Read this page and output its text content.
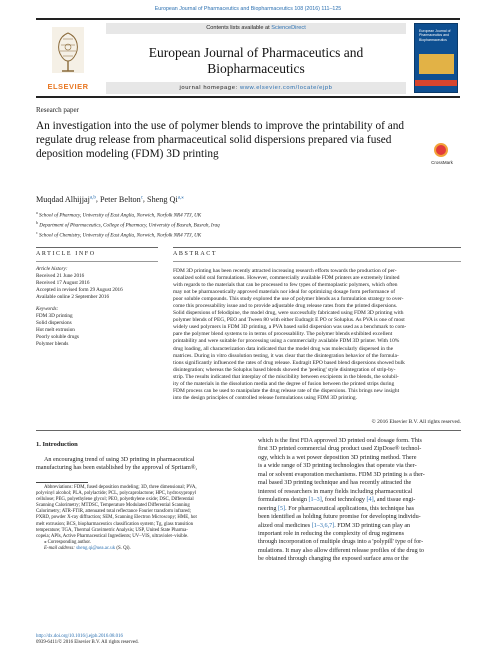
European Journal of Pharmaceutics and Biopharmaceutics 108 (2016) 111–125
ELSEVIER
Contents lists available at ScienceDirect
European Journal of Pharmaceutics and Biopharmaceutics
journal homepage: www.elsevier.com/locate/ejpb
European Journal of Pharmaceutics and Biopharmaceutics
Research paper
An investigation into the use of polymer blends to improve the printability of and regulate drug release from pharmaceutical solid dispersions prepared via fused deposition modeling (FDM) 3D printing
CrossMark
Muqdad Alhijjaj$^{a,b}$, Peter Belton$^c$, Sheng $Qi^{a,⁎}$
$^a$ School of Pharmacy, University of East Anglia, Norwich, Norfolk NR4 7TJ, UK
$^b$ Department of Pharmaceutics, College of Pharmacy, University of Basrah, Basrah, Iraq
$^c$ School of Chemistry, University of East Anglia, Norwich, Norfolk NR4 7TJ, UK
ARTICLE INFO	ABSTRACT
Article history:
Received 21 June 2016
Received 17 August 2016
Accepted in revised form 29 August 2016
Available online 2 September 2016
Keywords:
FDM 3D printing
Solid dispersions
Hot melt extrusion
Poorly soluble drugs
Polymer blends
FDM 3D printing has been recently attracted increasing research efforts towards the production of per-
sonalized solid oral formulations. However, commercially available FDM printers are extremely limited
with regards to the materials that can be processed to few types of thermoplastic polymers, which often
may not be pharmaceutically approved materials nor ideal for optimizing dosage form performance of
poor soluble compounds. This study explored the use of polymer blends as a formulation strategy to over-
come this processability issue and to provide adjustable drug release rates from the printed dispersions.
Solid dispersions of felodipine, the model drug, were successfully fabricated using FDM 3D printing with
polymer blends of PEG, PEO and Tween 80 with either Eudragit E PO or Soluplus. As PVA is one of most
widely used polymers in FDM 3D printing, a PVA based solid dispersion was used as a benchmark to com-
pare the polymer blend systems to in terms of processability. The polymer blends exhibited excellent
printability and were suitable for processing using a commercially available FDM 3D printer. With 10%
drug loading, all characterization data indicated that the model drug was molecularly dispersed in the
matrices. During in vitro dissolution testing, it was clear that the disintegration behavior of the formula-
tions significantly influenced the rates of drug release. Eudragit EPO based blend dispersions showed bulk
disintegration; whereas the Soluplus based blends showed the 'peeling' style disintegration of strip-by-
strip. The results indicated that interplay of the miscibility between excipients in the blends, the solubil-
ity of the materials in the dissolution media and the degree of fusion between the printed strips during
FDM process can be used to manipulate the drug release rate of the dispersions. This brings new insight
into the design principles of controlled release formulations using FDM 3D printing.
© 2016 Elsevier B.V. All rights reserved.
1. Introduction
An encouraging trend of using 3D printing in pharmaceutical
manufacturing has been established by the approval of Spritam®,
Abbreviations: FDM, fused deposition modeling; 3D, three dimensional; PVA,
polyvinyl alcohol; PLA, polylactide; PCL, polycaprolactone; HPC, hydroxypropyl
cellulose; PEG, polyethylene glycol; PEO, polyethylene oxide; DSC, Differential
Scanning Calorimetry; MTDSC, Temperature Modulated Differential Scanning
Calorimetry; ATR-FTIR, attenuated total reflectance Fourier transform infrared;
PXRD, powder X-ray diffraction; SEM, Scanning Electron Microscopy; HME, hot
melt extrusion; BCS, biopharmaceutics classification system; Tg, glass transition
temperature; TGA, Thermal Gravimetric Analysis; USP, United State Pharma-
copeia; APIs, Active Pharmaceutical Ingredients; UV–VIS, ultraviolet–visible.
⁎ Corresponding author.
E-mail address: sheng.qi@uea.ac.uk (S. Qi).
http://dx.doi.org/10.1016/j.ejpb.2016.08.016
0939-6411/© 2016 Elsevier B.V. All rights reserved.
which is the first FDA approved 3D printed oral dosage form. This
first 3D printed commercial drug product used ZipDose® technol-
ogy, which is a wet power deposition 3D printing method. There
is a wide range of 3D printing technologies that operate via ther-
mal or solvent evaporation mechanisms. FDM 3D printing is a ther-
mal based 3D printing technique and has recently attracted the
interest of researchers in many fields including pharmaceutical
formulations design [1–3], food technology [4], and tissue engi-
neering [5]. For pharmaceutical applications, this technique has
been identified as holding future promise for developing individu-
alized oral medicines [1–3,6,7]. FDM 3D printing can play an
important role in reducing the complexity of drug regimens
through incorporation of multiple drugs into a 'polypill' type of for-
mulations. It may also allow different release profiles of the drug to
be obtained through changing the exposed surface area or the
